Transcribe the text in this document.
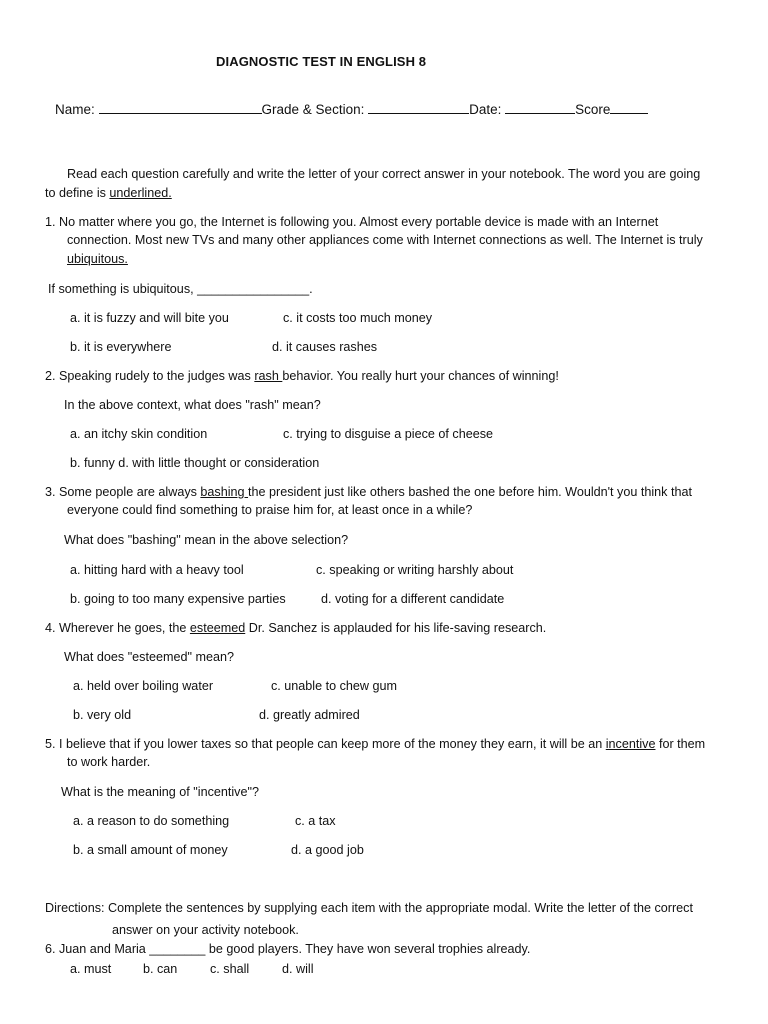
DIAGNOSTIC TEST IN ENGLISH 8
Name:	Grade & Section:	Date:	Score
Read each question carefully and write the letter of your correct answer in your notebook. The word you are going
to define is underlined.
1. No matter where you go, the Internet is following you. Almost every portable device is made with an Internet
connection. Most new TVs and many other appliances come with Internet connections as well. The Internet is truly
ubiquitous.
If something is ubiquitous, ________________.
a. it is fuzzy and will bite you	c. it costs too much money
b. it is everywhere	d. it causes rashes
2. Speaking rudely to the judges was rash behavior. You really hurt your chances of winning!
In the above context, what does "rash" mean?
a. an itchy skin condition	c. trying to disguise a piece of cheese
b. funny d. with little thought or consideration
3. Some people are always bashing the president just like others bashed the one before him. Wouldn't you think that
everyone could find something to praise him for, at least once in a while?
What does "bashing" mean in the above selection?
a. hitting hard with a heavy tool	c. speaking or writing harshly about
b. going to too many expensive parties	d. voting for a different candidate
4. Wherever he goes, the esteemed Dr. Sanchez is applauded for his life-saving research.
What does "esteemed" mean?
a. held over boiling water	c. unable to chew gum
b. very old	d. greatly admired
5. I believe that if you lower taxes so that people can keep more of the money they earn, it will be an incentive for them
to work harder.
What is the meaning of "incentive"?
a. a reason to do something	c. a tax
b. a small amount of money	d. a good job
Directions: Complete the sentences by supplying each item with the appropriate modal. Write the letter of the correct
answer on your activity notebook.
6. Juan and Maria ________ be good players. They have won several trophies already.
a. must	b. can	c. shall	d. will
